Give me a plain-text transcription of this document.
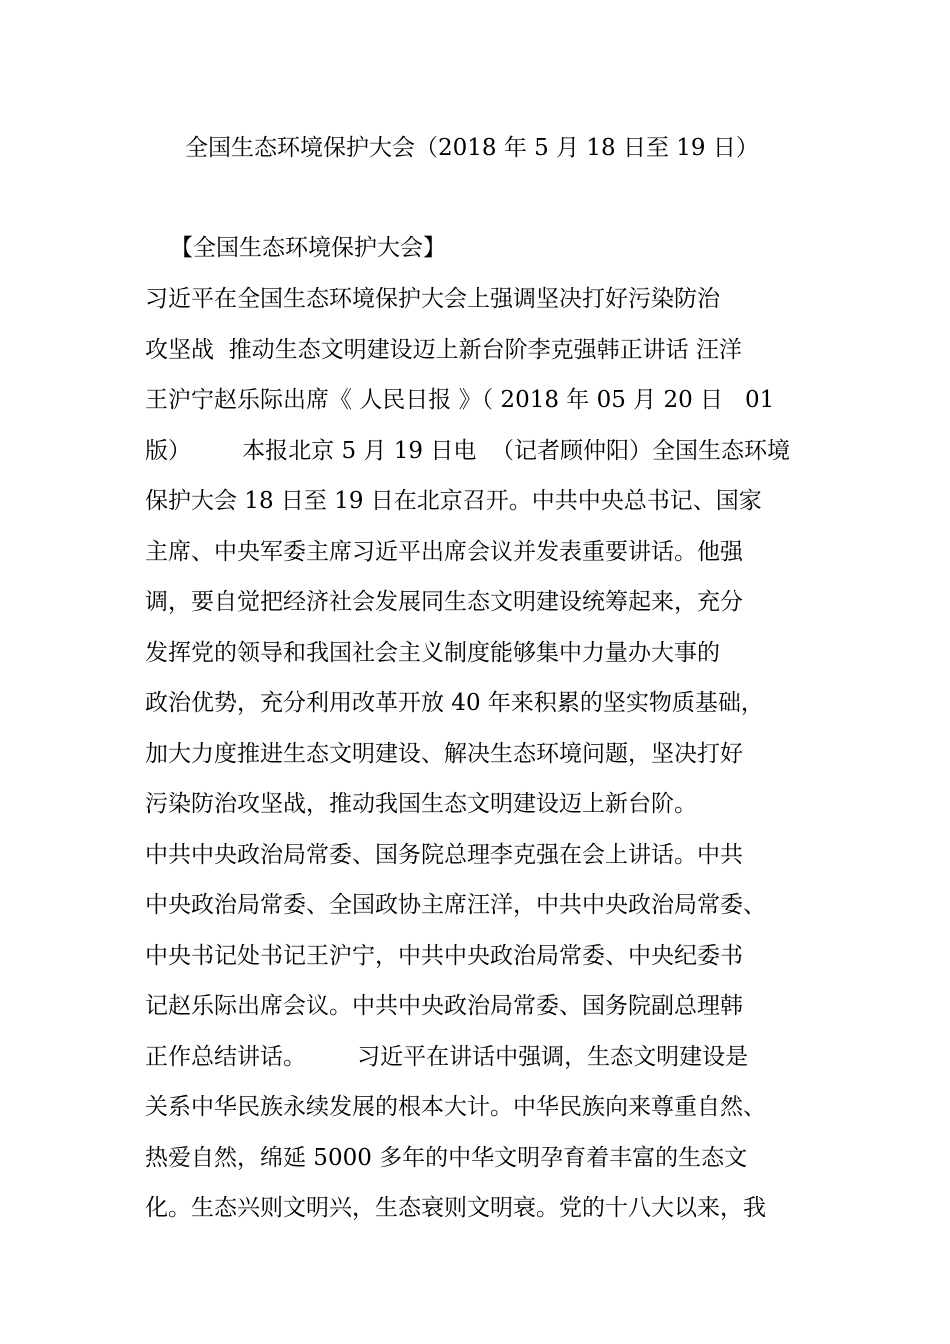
全国生态环境保护大会（2018 年 5 月 18 日至 19 日）
【全国生态环境保护大会】
习近平在全国生态环境保护大会上强调坚决打好污染防治
攻坚战  推动生态文明建设迈上新台阶李克强韩正讲话 汪洋
王沪宁赵乐际出席《 人民日报 》（ 2018 年 05 月 20 日   01
版）       本报北京 5 月 19 日电  （记者顾仲阳）全国生态环境
保护大会 18 日至 19 日在北京召开。中共中央总书记、国家
主席、中央军委主席习近平出席会议并发表重要讲话。他强
调，要自觉把经济社会发展同生态文明建设统筹起来，充分
发挥党的领导和我国社会主义制度能够集中力量办大事的
政治优势，充分利用改革开放 40 年来积累的坚实物质基础，
加大力度推进生态文明建设、解决生态环境问题，坚决打好
污染防治攻坚战，推动我国生态文明建设迈上新台阶。
中共中央政治局常委、国务院总理李克强在会上讲话。中共
中央政治局常委、全国政协主席汪洋，中共中央政治局常委、
中央书记处书记王沪宁，中共中央政治局常委、中央纪委书
记赵乐际出席会议。中共中央政治局常委、国务院副总理韩
正作总结讲话。       习近平在讲话中强调，生态文明建设是
关系中华民族永续发展的根本大计。中华民族向来尊重自然、
热爱自然，绵延 5000 多年的中华文明孕育着丰富的生态文
化。生态兴则文明兴，生态衰则文明衰。党的十八大以来，我
